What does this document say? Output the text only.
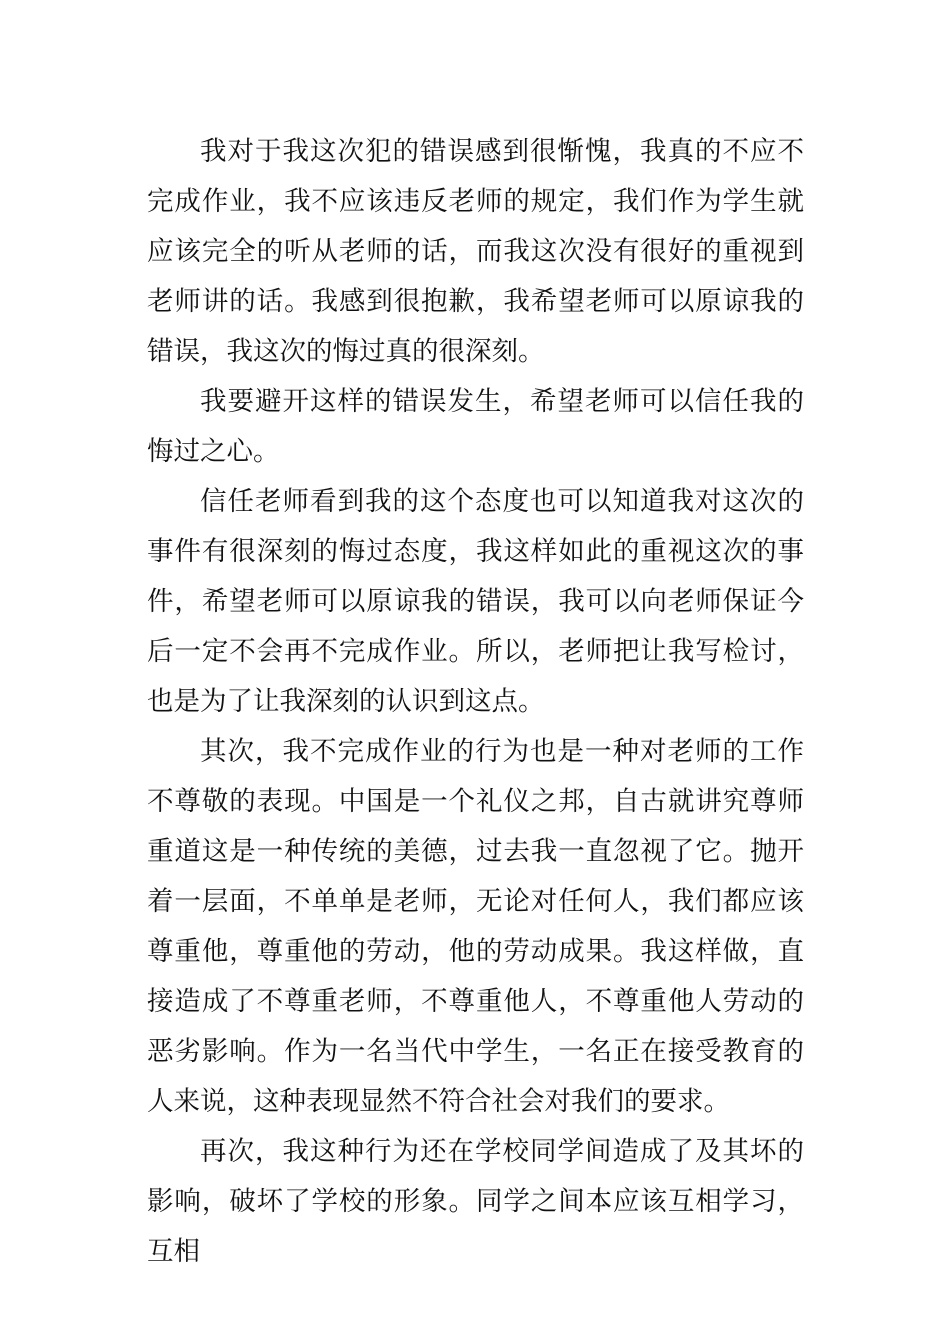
我对于我这次犯的错误感到很惭愧，我真的不应不完成作业，我不应该违反老师的规定，我们作为学生就应该完全的听从老师的话，而我这次没有很好的重视到老师讲的话。我感到很抱歉，我希望老师可以原谅我的错误，我这次的悔过真的很深刻。

我要避开这样的错误发生，希望老师可以信任我的悔过之心。

信任老师看到我的这个态度也可以知道我对这次的事件有很深刻的悔过态度，我这样如此的重视这次的事件，希望老师可以原谅我的错误，我可以向老师保证今后一定不会再不完成作业。所以，老师把让我写检讨，也是为了让我深刻的认识到这点。

其次，我不完成作业的行为也是一种对老师的工作不尊敬的表现。中国是一个礼仪之邦，自古就讲究尊师重道这是一种传统的美德，过去我一直忽视了它。抛开着一层面，不单单是老师，无论对任何人，我们都应该尊重他，尊重他的劳动，他的劳动成果。我这样做，直接造成了不尊重老师，不尊重他人，不尊重他人劳动的恶劣影响。作为一名当代中学生，一名正在接受教育的人来说，这种表现显然不符合社会对我们的要求。

再次，我这种行为还在学校同学间造成了及其坏的影响，破坏了学校的形象。同学之间本应该互相学习，互相
